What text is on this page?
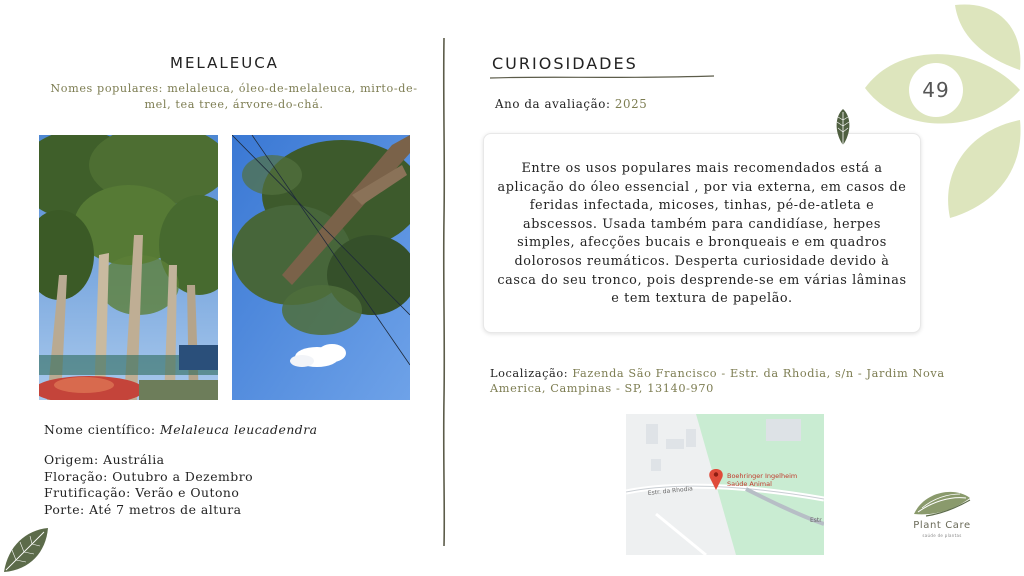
MELALEUCA
Nomes populares: melaleuca, óleo-de-melaleuca, mirto-de-mel, tea tree, árvore-do-chá.
Nome científico: Melaleuca leucadendra
Origem: Austrália
Floração: Outubro a Dezembro
Frutificação: Verão e Outono
Porte: Até 7 metros de altura
CURIOSIDADES
Ano da avaliação: 2025
Entre os usos populares mais recomendados está a aplicação do óleo essencial , por via externa, em casos de feridas infectada, micoses, tinhas, pé-de-atleta e abscessos. Usada também para candidíase, herpes simples, afecções bucais e bronqueais e em quadros dolorosos reumáticos. Desperta curiosidade devido à casca do seu tronco, pois desprende-se em várias lâminas e tem textura de papelão.
Localização: Fazenda São Francisco - Estr. da Rhodia, s/n - Jardim Nova America, Campinas - SP, 13140-970
Estr. da Rhodia
Estr
Boehringer Ingelheim
Saúde Animal
49
Plant Care
saúde de plantas
